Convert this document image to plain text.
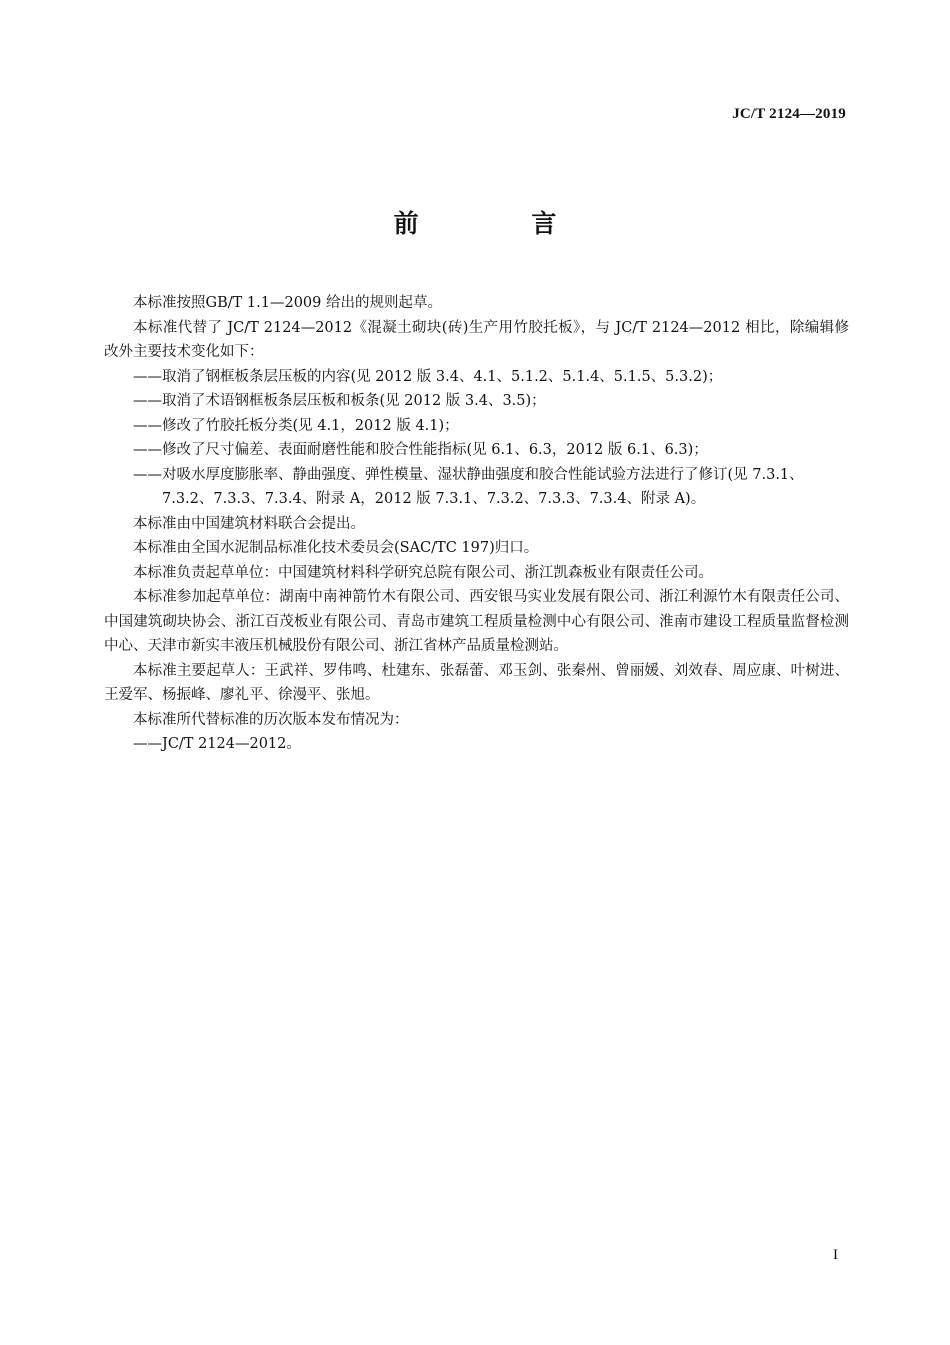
JC/T 2124—2019
前 言

本标准按照GB/T 1.1—2009 给出的规则起草。

本标准代替了 JC/T 2124—2012《混凝土砌块(砖)生产用竹胶托板》，与 JC/T 2124—2012 相比，除编辑修改外主要技术变化如下：

——取消了钢框板条层压板的内容(见 2012 版 3.4、4.1、5.1.2、5.1.4、5.1.5、5.3.2)；

——取消了术语钢框板条层压板和板条(见 2012 版 3.4、3.5)；

——修改了竹胶托板分类(见 4.1，2012 版 4.1)；

——修改了尺寸偏差、表面耐磨性能和胶合性能指标(见 6.1、6.3，2012 版 6.1、6.3)；

——对吸水厚度膨胀率、静曲强度、弹性模量、湿状静曲强度和胶合性能试验方法进行了修订(见 7.3.1、7.3.2、7.3.3、7.3.4、附录 A，2012 版 7.3.1、7.3.2、7.3.3、7.3.4、附录 A)。

本标准由中国建筑材料联合会提出。

本标准由全国水泥制品标准化技术委员会(SAC/TC 197)归口。

本标准负责起草单位：中国建筑材料科学研究总院有限公司、浙江凯森板业有限责任公司。

本标准参加起草单位：湖南中南神箭竹木有限公司、西安银马实业发展有限公司、浙江利源竹木有限责任公司、中国建筑砌块协会、浙江百茂板业有限公司、青岛市建筑工程质量检测中心有限公司、淮南市建设工程质量监督检测中心、天津市新实丰液压机械股份有限公司、浙江省林产品质量检测站。

本标准主要起草人：王武祥、罗伟鸣、杜建东、张磊蕾、邓玉剑、张秦州、曾丽媛、刘效春、周应康、叶树进、王爱军、杨振峰、廖礼平、徐漫平、张旭。

本标准所代替标准的历次版本发布情况为：

——JC/T 2124—2012。

I
